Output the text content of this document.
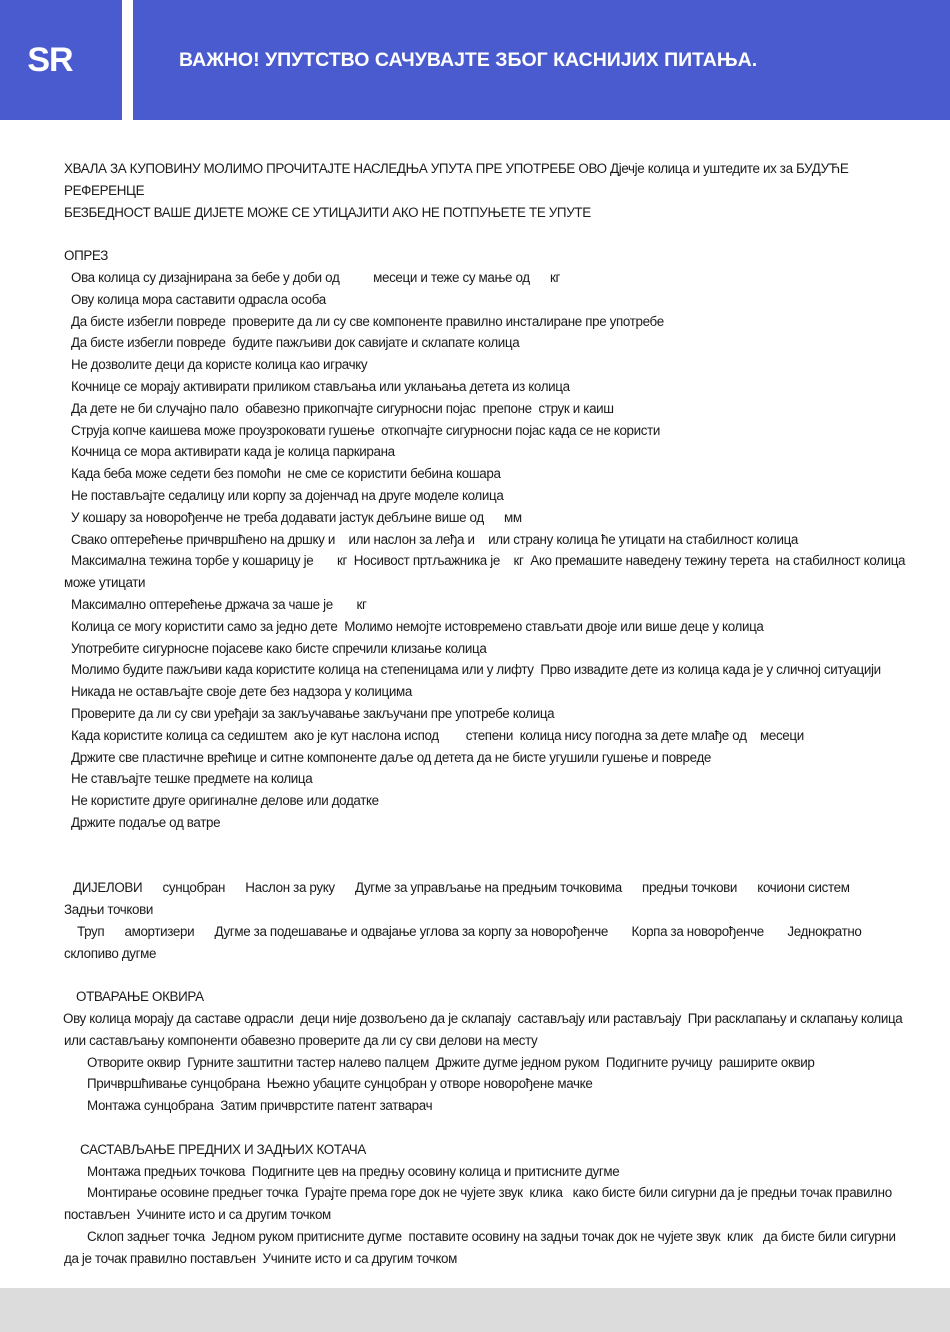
SR	ВАЖНО! УПУТСТВО САЧУВАЈТЕ ЗБОГ КАСНИЈИХ ПИТАЊА.

ХВАЛА ЗА КУПОВИНУ МОЛИМО ПРОЧИТАЈТЕ НАСЛЕДЊА УПУТА ПРЕ УПОТРЕБЕ ОВО Дјечје колица и уштедите их за БУДУЋЕ РЕФЕРЕНЦЕ

БЕЗБЕДНОСТ ВАШЕ ДИЈЕТЕ МОЖЕ СЕ УТИЦАЈИТИ АКО НЕ ПОТПУЊЕТЕ ТЕ УПУТЕ

ОПРЕЗ

Ова колица су дизајнирана за бебе у доби од          месеци и теже су мање од      кг

Ову колица мора саставити одрасла особа

Да бисте избегли повреде  проверите да ли су све компоненте правилно инсталиране пре употребе

Да бисте избегли повреде  будите пажљиви док савијате и склапате колица

Не дозволите деци да користе колица као играчку

Кочнице се морају активирати приликом стављања или уклањања детета из колица

Да дете не би случајно пало  обавезно прикопчајте сигурносни појас  препоне  струк и каиш

Струја копче каишева може проузроковати гушење  откопчајте сигурносни појас када се не користи

Кочница се мора активирати када је колица паркирана

Када беба може седети без помоћи  не сме се користити бебина кошара

Не постављајте седалицу или корпу за дојенчад на друге моделе колица

У кошару за новорођенче не треба додавати јастук дебљине више од      мм

Свако оптерећење причвршћено на дршку и    или наслон за леђа и    или страну колица ће утицати на стабилност колица

Максимална тежина торбе у кошарицу је       кг  Носивост пртљажника је    кг  Ако премашите наведену тежину терета  на стабилност колица

може утицати

Максимално оптерећење држача за чаше је       кг

Колица се могу користити само за једно дете  Молимо немојте истовремено стављати двоје или више деце у колица

Употребите сигурносне појасеве како бисте спречили клизање колица

Молимо будите пажљиви када користите колица на степеницама или у лифту  Прво извадите дете из колица када је у сличној ситуацији

Никада не остављајте своје дете без надзора у колицима

Проверите да ли су сви уређаји за закључавање закључани пре употребе колица

Када користите колица са седиштем  ако је кут наслона испод        степени  колица нису погодна за дете млађе од    месеци

Држите све пластичне врећице и ситне компоненте даље од детета да не бисте угушили гушење и повреде

Не стављајте тешке предмете на колица

Не користите друге оригиналне делове или додатке

Држите подаље од ватре

ДИЈЕЛОВИ      сунцобран      Наслон за руку      Дугме за управљање на предњим точковима      предњи точкови      кочиони систем

Задњи точкови

Труп      амортизери      Дугме за подешавање и одвајање углова за корпу за новорођенче       Корпа за новорођенче       Једнократно

склопиво дугме

ОТВАРАЊЕ ОКВИРА

Ову колица морају да саставе одрасли  деци није дозвољено да је склапају  састављају или растављају  При расклапању и склапању колица

или састављању компоненти обавезно проверите да ли су сви делови на месту

Отворите оквир  Гурните заштитни тастер налево палцем  Држите дугме једном руком  Подигните ручицу  раширите оквир

Причвршћивање сунцобрана  Њежно убаците сунцобран у отворе новорођене мачке

Монтажа сунцобрана  Затим причврстите патент затварач

САСТАВЉАЊЕ ПРЕДНИХ И ЗАДЊИХ КОТАЧА

Монтажа предњих точкова  Подигните цев на предњу осовину колица и притисните дугме

Монтирање осовине предњег точка  Гурајте према горе док не чујете звук  клика   како бисте били сигурни да је предњи точак правилно

постављен  Учините исто и са другим точком

Склоп задњег точка  Једном руком притисните дугме  поставите осовину на задњи точак док не чујете звук  клик   да бисте били сигурни

да је точак правилно постављен  Учините исто и са другим точком
